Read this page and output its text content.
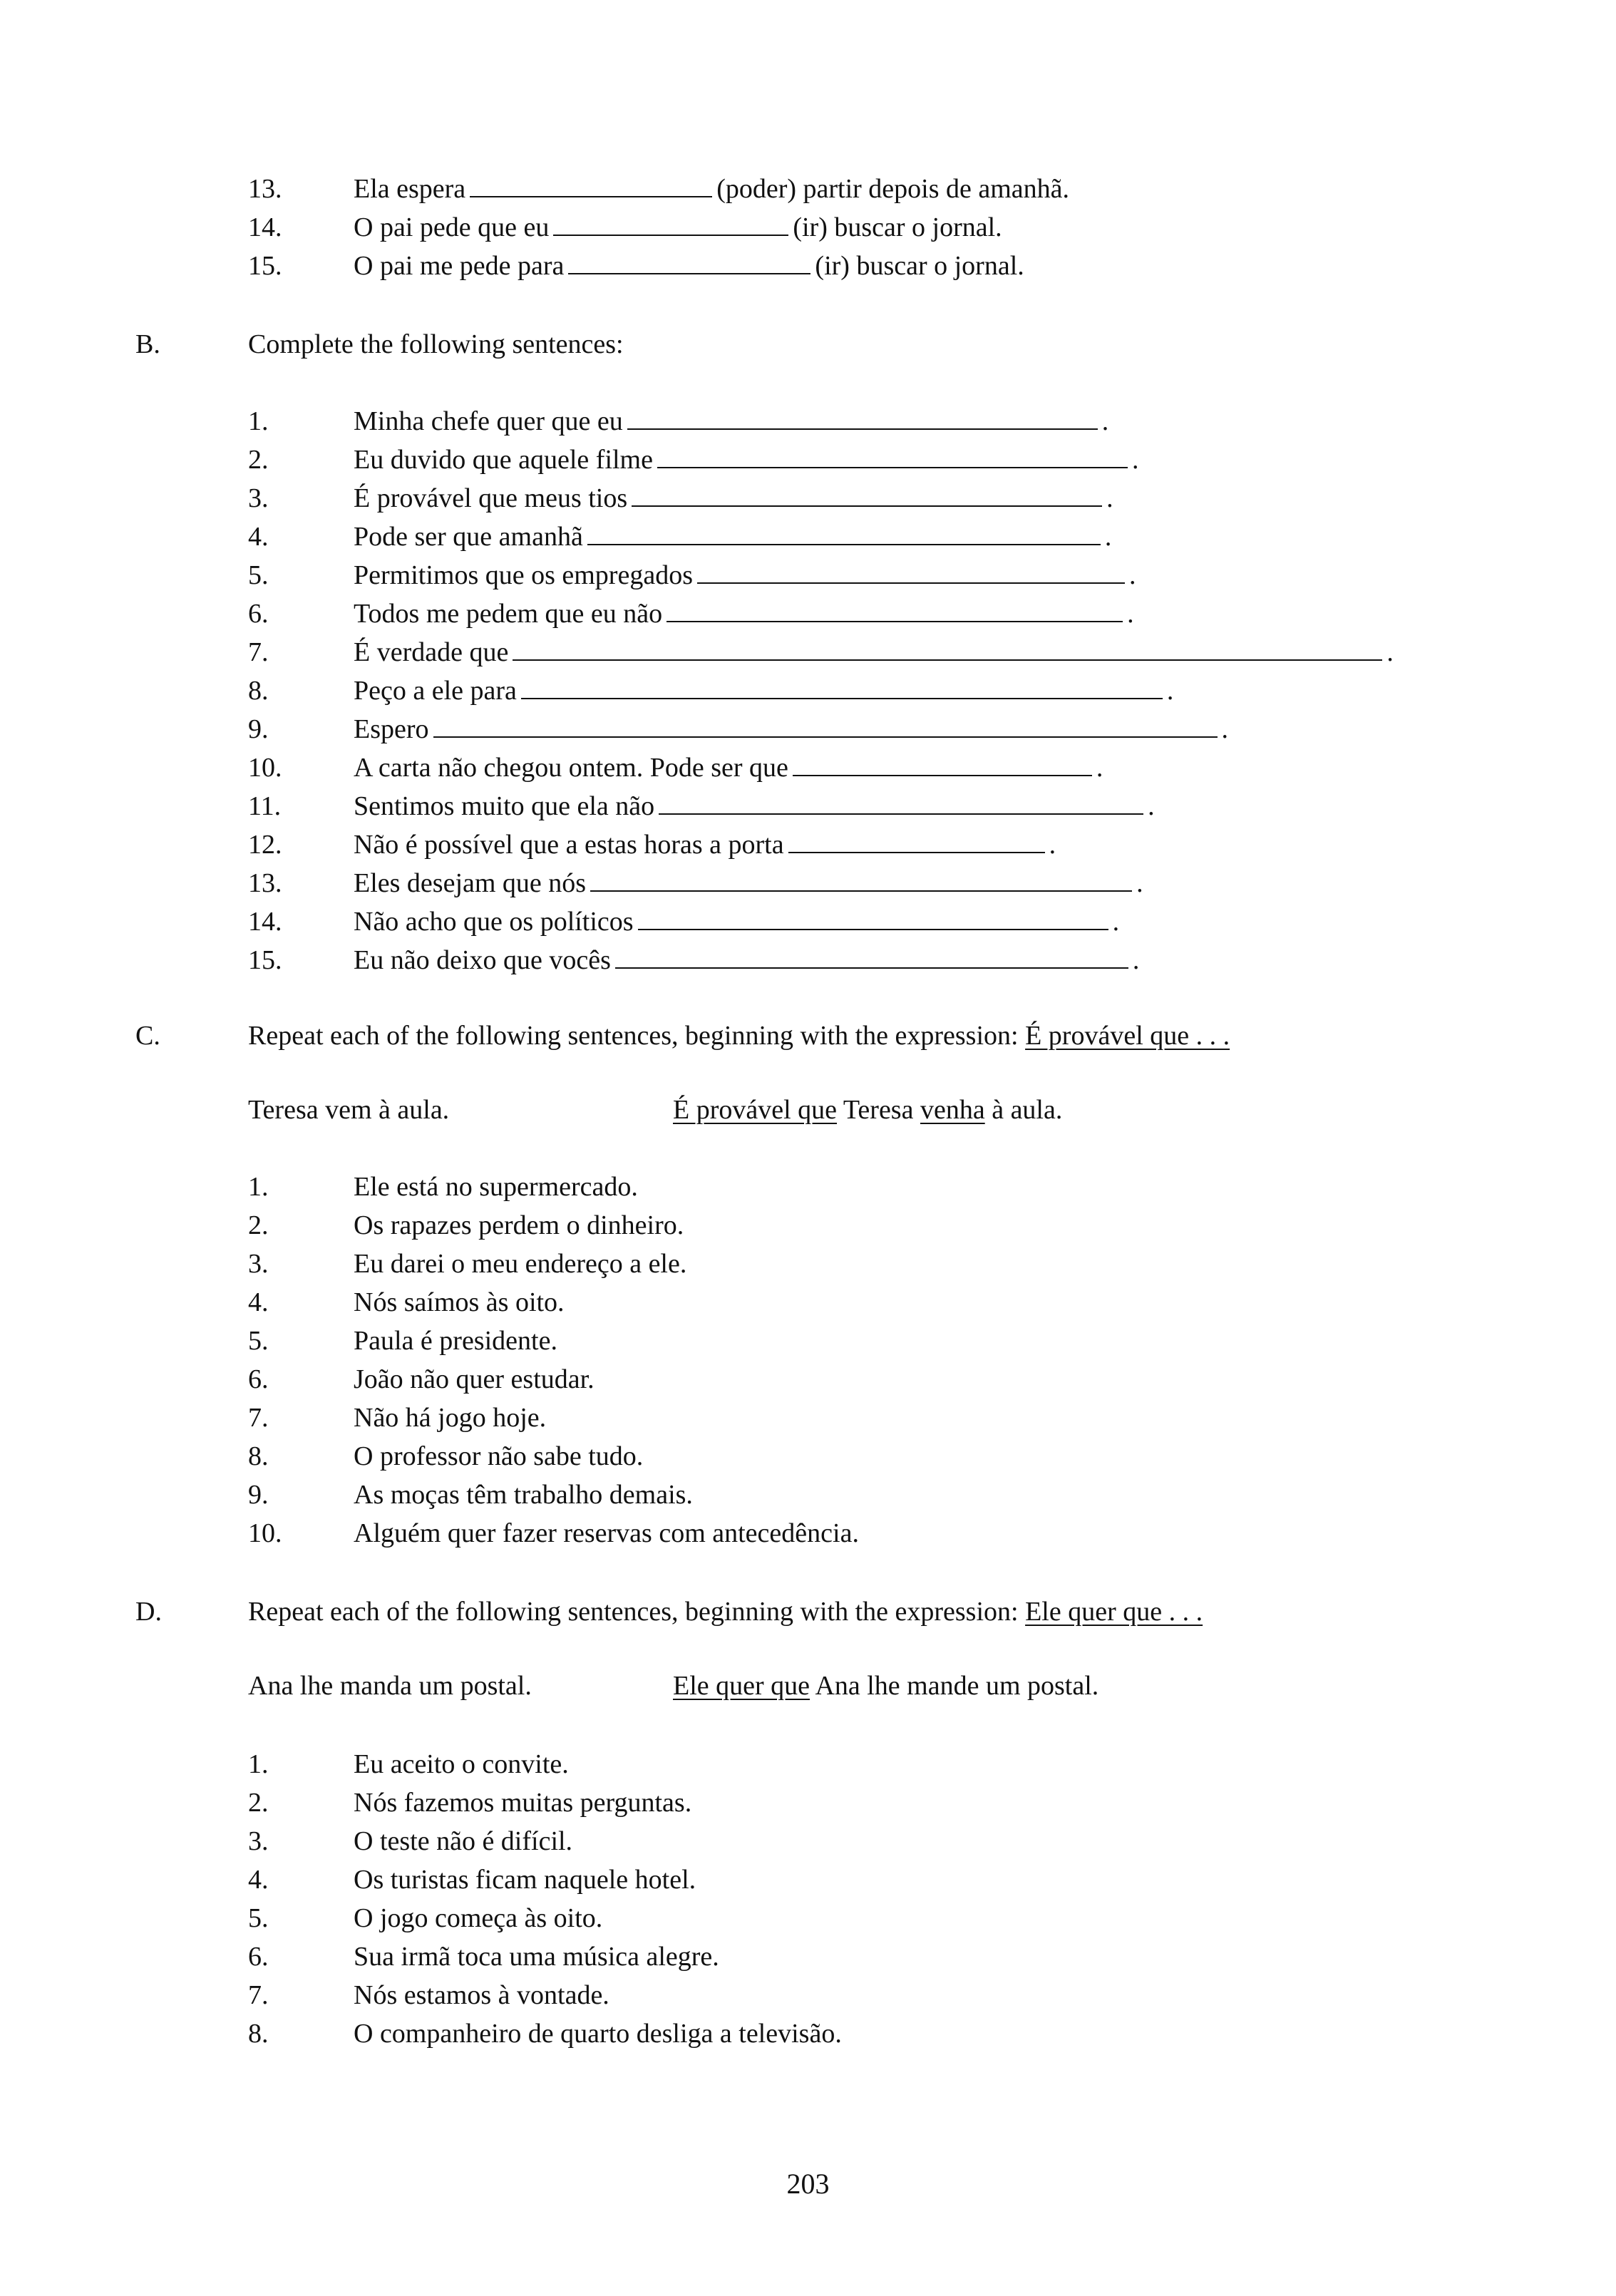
13.	Ela espera	(poder) partir depois de amanhã.
14.	O pai pede que eu	(ir) buscar o jornal.
15.	O pai me pede para	(ir) buscar o jornal.
B.	Complete the following sentences:
1.	Minha chefe quer que eu	.
2.	Eu duvido que aquele filme	.
3.	É provável que meus tios	.
4.	Pode ser que amanhã	.
5.	Permitimos que os empregados	.
6.	Todos me pedem que eu não	.
7.	É verdade que	.
8.	Peço a ele para	.
9.	Espero	.
10.	A carta não chegou ontem. Pode ser que	.
11.	Sentimos muito que ela não	.
12.	Não é possível que a estas horas a porta	.
13.	Eles desejam que nós	.
14.	Não acho que os políticos	.
15.	Eu não deixo que vocês	.
C.	Repeat each of the following sentences, beginning with the expression: É provável que . . .
Teresa vem à aula.	É provável que Teresa venha à aula.
1.	Ele está no supermercado.
2.	Os rapazes perdem o dinheiro.
3.	Eu darei o meu endereço a ele.
4.	Nós saímos às oito.
5.	Paula é presidente.
6.	João não quer estudar.
7.	Não há jogo hoje.
8.	O professor não sabe tudo.
9.	As moças têm trabalho demais.
10.	Alguém quer fazer reservas com antecedência.
D.	Repeat each of the following sentences, beginning with the expression: Ele quer que . . .
Ana lhe manda um postal.	Ele quer que Ana lhe mande um postal.
1.	Eu aceito o convite.
2.	Nós fazemos muitas perguntas.
3.	O teste não é difícil.
4.	Os turistas ficam naquele hotel.
5.	O jogo começa às oito.
6.	Sua irmã toca uma música alegre.
7.	Nós estamos à vontade.
8.	O companheiro de quarto desliga a televisão.
203
